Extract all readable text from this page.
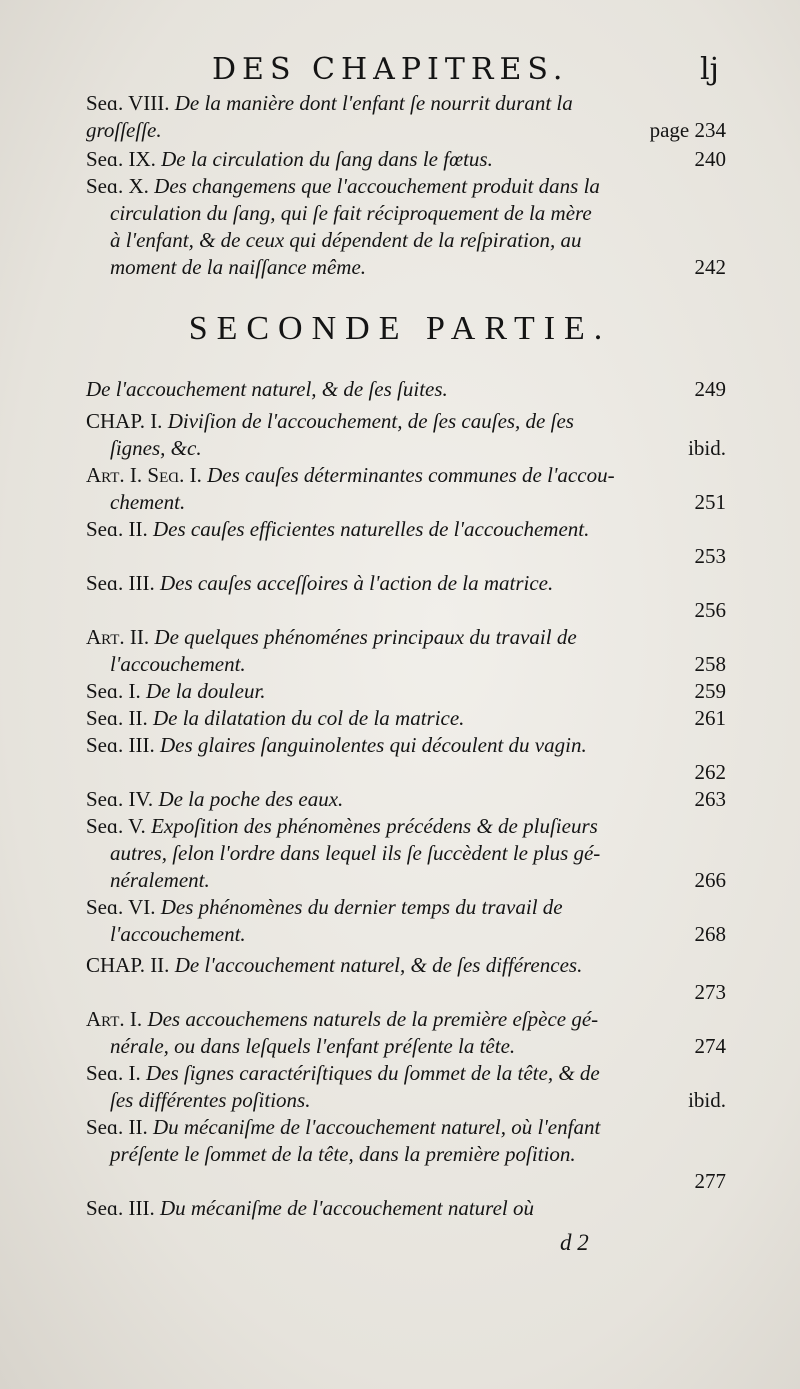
DES CHAPITRES.	lj
Seɑ. VIII. De la manière dont l'enfant ſe nourrit durant la
groſſeſſe.	page 234
Seɑ. IX. De la circulation du ſang dans le fœtus.	240
Seɑ. X. Des changemens que l'accouchement produit dans la
circulation du ſang, qui ſe fait réciproquement de la mère
à l'enfant, & de ceux qui dépendent de la reſpiration, au
moment de la naiſſance même.	242
SECONDE PARTIE.
De l'accouchement naturel, & de ſes ſuites.	249
CHAP. I. Diviſion de l'accouchement, de ſes cauſes, de ſes
ſignes, &c.	ibid.
Art. I. Seɑ. I. Des cauſes déterminantes communes de l'accou-
chement.	251
Seɑ. II. Des cauſes efficientes naturelles de l'accouchement.
253
Seɑ. III. Des cauſes acceſſoires à l'action de la matrice.
256
Art. II. De quelques phénoménes principaux du travail de
l'accouchement.	258
Seɑ. I. De la douleur.	259
Seɑ. II. De la dilatation du col de la matrice.	261
Seɑ. III. Des glaires ſanguinolentes qui découlent du vagin.
262
Seɑ. IV. De la poche des eaux.	263
Seɑ. V. Expoſition des phénomènes précédens & de pluſieurs
autres, ſelon l'ordre dans lequel ils ſe ſuccèdent le plus gé-
néralement.	266
Seɑ. VI. Des phénomènes du dernier temps du travail de
l'accouchement.	268
CHAP. II. De l'accouchement naturel, & de ſes différences.
273
Art. I. Des accouchemens naturels de la première eſpèce gé-
nérale, ou dans leſquels l'enfant préſente la tête.	274
Seɑ. I. Des ſignes caractériſtiques du ſommet de la tête, & de
ſes différentes poſitions.	ibid.
Seɑ. II. Du mécaniſme de l'accouchement naturel, où l'enfant
préſente le ſommet de la tête, dans la première poſition.
277
Seɑ. III. Du mécaniſme de l'accouchement naturel où
d 2
